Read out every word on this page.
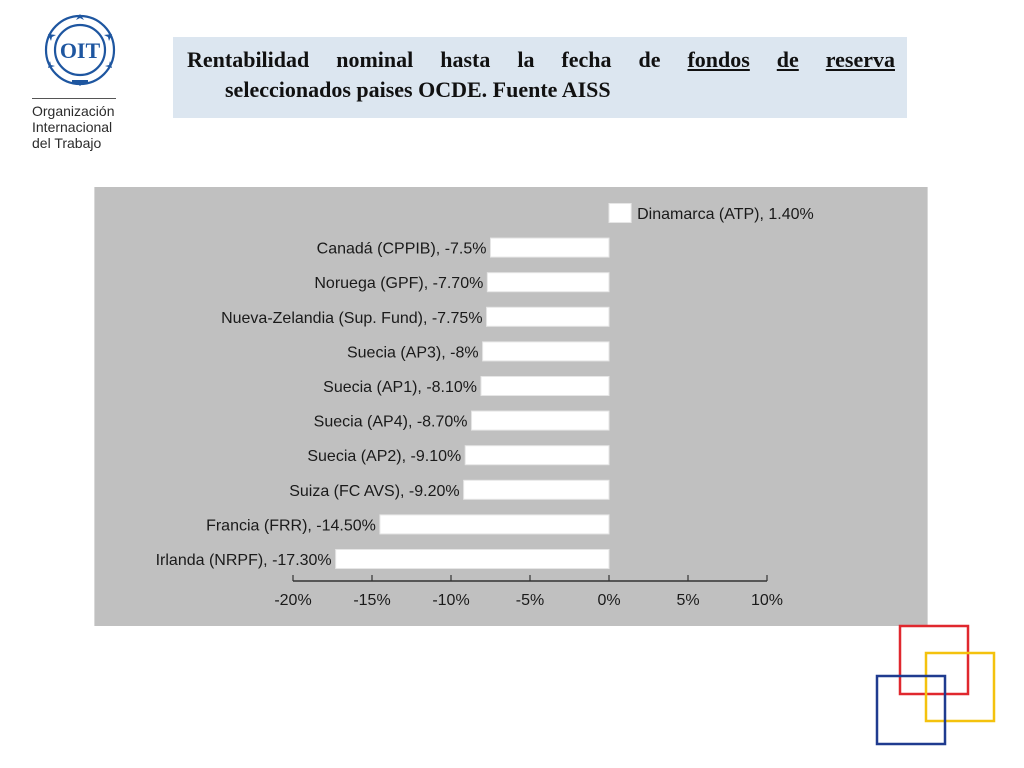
OIT
Organización
Internacional
del Trabajo
Rentabilidad nominal hasta la fecha de fondos de reserva
seleccionados paises OCDE. Fuente AISS
Dinamarca (ATP), 1.40%
Canadá (CPPIB), -7.5%
Noruega (GPF), -7.70%
Nueva-Zelandia (Sup. Fund), -7.75%
Suecia (AP3), -8%
Suecia (AP1), -8.10%
Suecia (AP4), -8.70%
Suecia (AP2), -9.10%
Suiza (FC AVS), -9.20%
Francia (FRR), -14.50%
Irlanda (NRPF), -17.30%
-20%	-15%	-10%	-5%	0%	5%	10%
